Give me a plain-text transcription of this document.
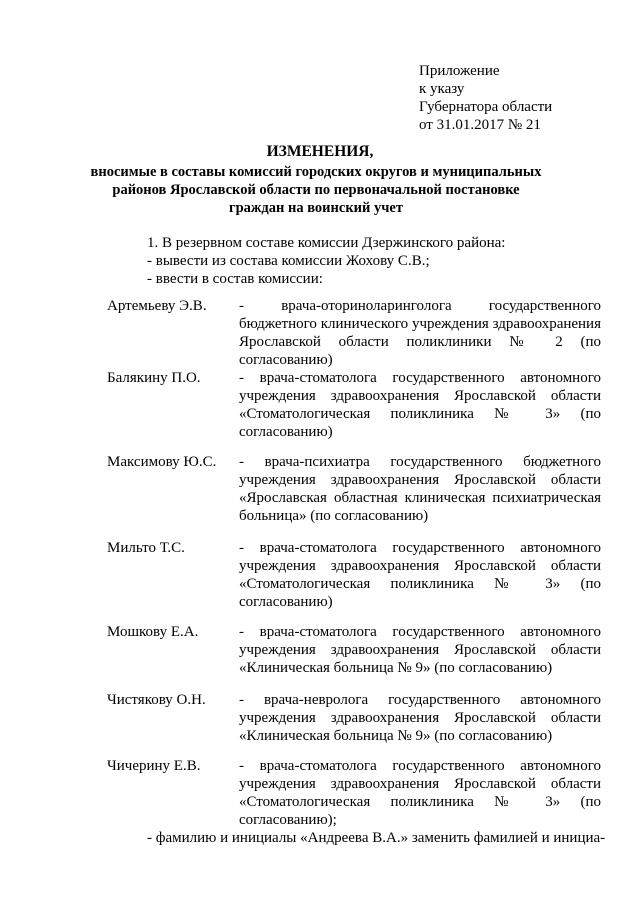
Приложение
к указу
Губернатора области
от 31.01.2017 № 21
ИЗМЕНЕНИЯ,
вносимые в составы комиссий городских округов и муниципальных районов Ярославской области по первоначальной постановке граждан на воинский учет
1. В резервном составе комиссии Дзержинского района:
- вывести из состава комиссии Жохову С.В.;
- ввести в состав комиссии:
Артемьеву Э.В. - врача-оториноларинголога государственного бюджетного клинического учреждения здравоохранения Ярославской области поликлиники № 2 (по согласованию)
Балякину П.О.	- врача-стоматолога государственного автономного учреждения здравоохранения Ярославской области «Стоматологическая поликлиника № 3» (по согласованию)
Максимову Ю.С. - врача-психиатра государственного бюджетного учреждения здравоохранения Ярославской области «Ярославская областная клиническая психиатрическая больница» (по согласованию)
Мильто Т.С.	- врача-стоматолога государственного автономного учреждения здравоохранения Ярославской области «Стоматологическая поликлиника № 3» (по согласованию)
Мошкову Е.А.	- врача-стоматолога государственного автономного учреждения здравоохранения Ярославской области «Клиническая больница № 9» (по согласованию)
Чистякову О.Н. - врача-невролога государственного автономного учреждения здравоохранения Ярославской области «Клиническая больница № 9» (по согласованию)
Чичерину Е.В.	- врача-стоматолога государственного автономного учреждения здравоохранения Ярославской области «Стоматологическая поликлиника № 3» (по согласованию);
- фамилию и инициалы «Андреева В.А.» заменить фамилией и инициа-
